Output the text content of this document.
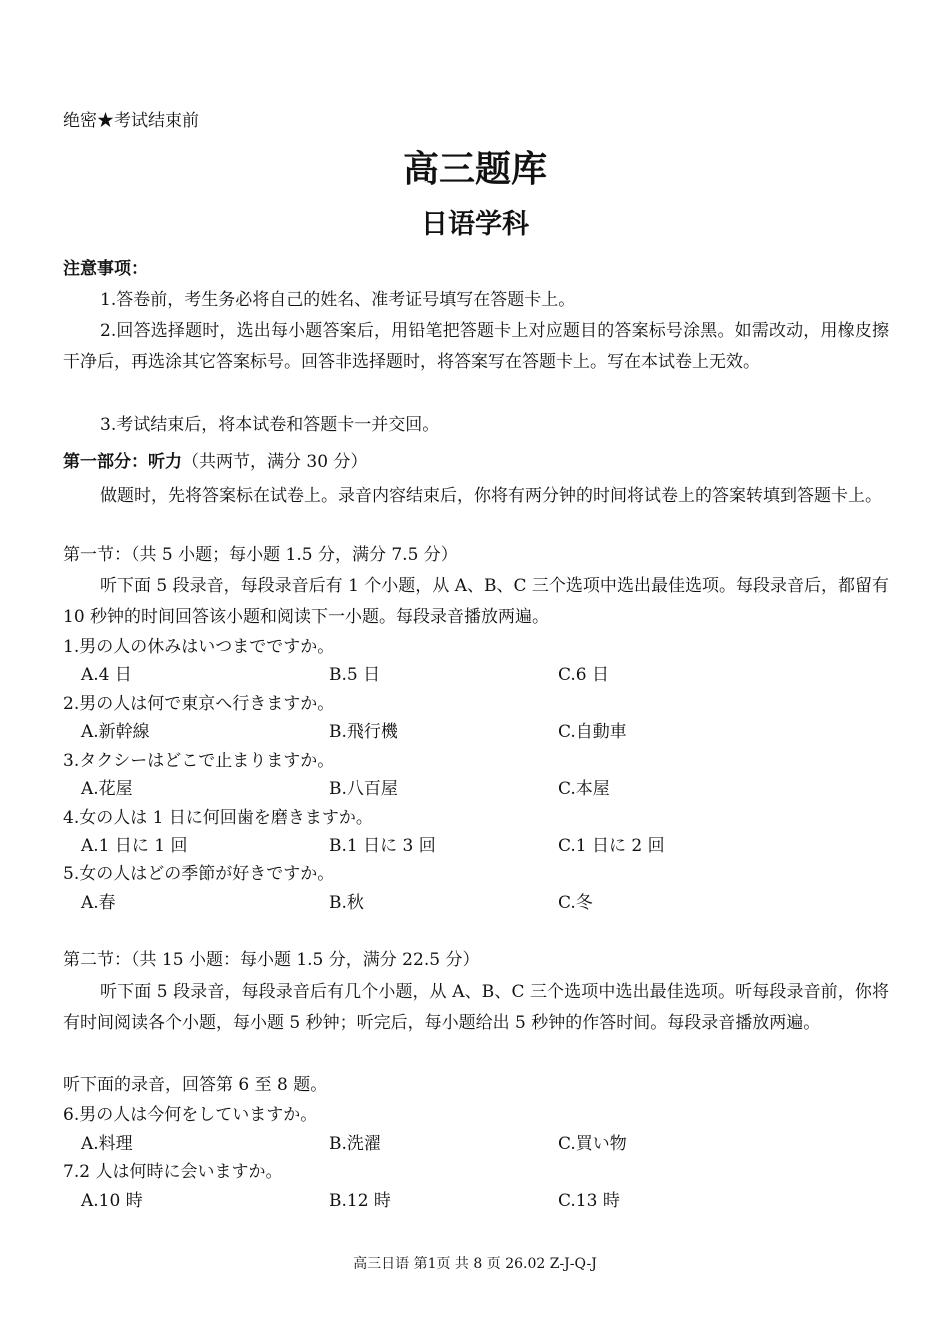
绝密★考试结束前
高三题库
日语学科
注意事项：
1.答卷前，考生务必将自己的姓名、准考证号填写在答题卡上。
2.回答选择题时，选出每小题答案后，用铅笔把答题卡上对应题目的答案标号涂黑。如需改动，用橡皮擦干净后，再选涂其它答案标号。回答非选择题时，将答案写在答题卡上。写在本试卷上无效。
3.考试结束后，将本试卷和答题卡一并交回。
第一部分：听力（共两节，满分 30 分）
做题时，先将答案标在试卷上。录音内容结束后，你将有两分钟的时间将试卷上的答案转填到答题卡上。
第一节：（共 5 小题；每小题 1.5 分，满分 7.5 分）
听下面 5 段录音，每段录音后有 1 个小题，从 A、B、C 三个选项中选出最佳选项。每段录音后，都留有 10 秒钟的时间回答该小题和阅读下一小题。每段录音播放两遍。
1.男の人の休みはいつまでですか。
A.4 日	B.5 日	C.6 日
2.男の人は何で東京へ行きますか。
A.新幹線	B.飛行機	C.自動車
3.タクシーはどこで止まりますか。
A.花屋	B.八百屋	C.本屋
4.女の人は 1 日に何回歯を磨きますか。
A.1 日に 1 回	B.1 日に 3 回	C.1 日に 2 回
5.女の人はどの季節が好きですか。
A.春	B.秋	C.冬
第二节：（共 15 小题：每小题 1.5 分，满分 22.5 分）
听下面 5 段录音，每段录音后有几个小题，从 A、B、C 三个选项中选出最佳选项。听每段录音前，你将有时间阅读各个小题，每小题 5 秒钟；听完后，每小题给出 5 秒钟的作答时间。每段录音播放两遍。
听下面的录音，回答第 6 至 8 题。
6.男の人は今何をしていますか。
A.料理	B.洗濯	C.買い物
7.2 人は何時に会いますか。
A.10 時	B.12 時	C.13 時
高三日语 第1页 共 8 页 26.02 Z-J-Q-J
